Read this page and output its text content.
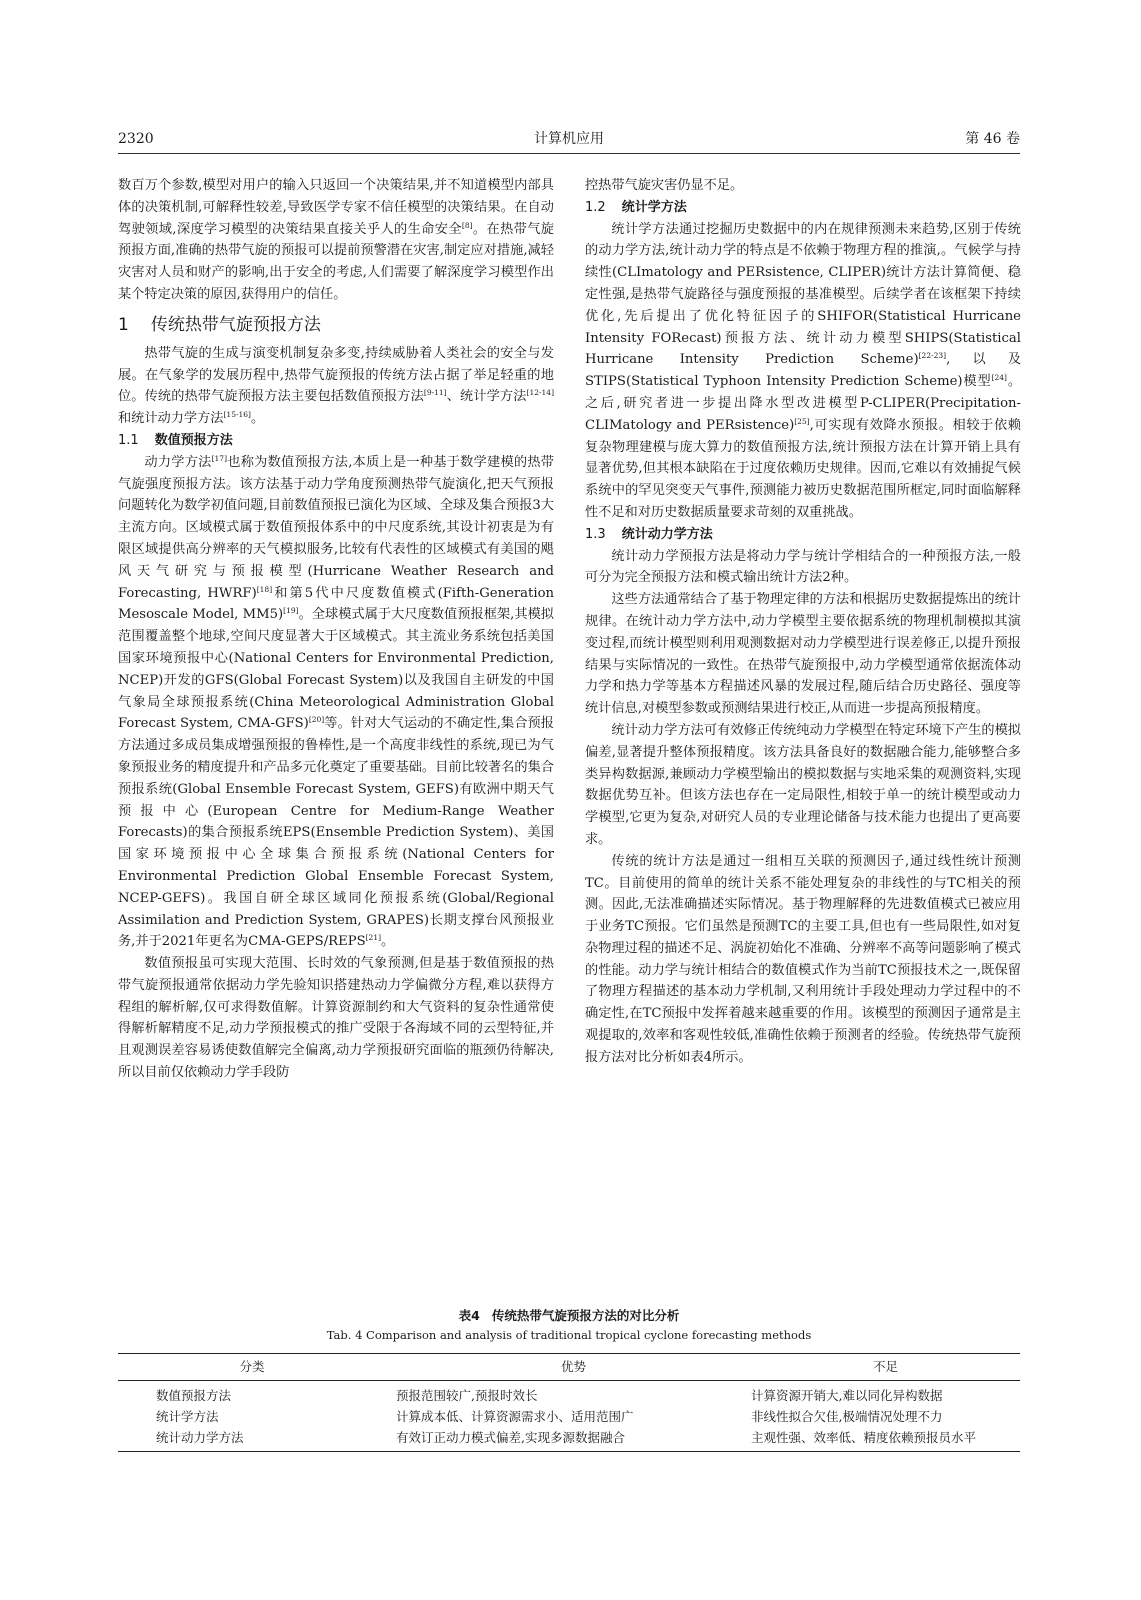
2320	计算机应用	第 46 卷

数百万个参数,模型对用户的输入只返回一个决策结果,并不知道模型内部具体的决策机制,可解释性较差,导致医学专家不信任模型的决策结果。在自动驾驶领域,深度学习模型的决策结果直接关乎人的生命安全[8]。在热带气旋预报方面,准确的热带气旋的预报可以提前预警潜在灾害,制定应对措施,减轻灾害对人员和财产的影响,出于安全的考虑,人们需要了解深度学习模型作出某个特定决策的原因,获得用户的信任。

1 传统热带气旋预报方法

热带气旋的生成与演变机制复杂多变,持续威胁着人类社会的安全与发展。在气象学的发展历程中,热带气旋预报的传统方法占据了举足轻重的地位。传统的热带气旋预报方法主要包括数值预报方法[9-11]、统计学方法[12-14]和统计动力学方法[15-16]。

1.1 数值预报方法

动力学方法[17]也称为数值预报方法,本质上是一种基于数学建模的热带气旋强度预报方法。该方法基于动力学角度预测热带气旋演化,把天气预报问题转化为数学初值问题,目前数值预报已演化为区域、全球及集合预报3大主流方向。区域模式属于数值预报体系中的中尺度系统,其设计初衷是为有限区域提供高分辨率的天气模拟服务,比较有代表性的区域模式有美国的飓风天气研究与预报模型(Hurricane Weather Research and Forecasting, HWRF)[18]和第5代中尺度数值模式(Fifth-Generation Mesoscale Model, MM5)[19]。全球模式属于大尺度数值预报框架,其模拟范围覆盖整个地球,空间尺度显著大于区域模式。其主流业务系统包括美国国家环境预报中心(National Centers for Environmental Prediction, NCEP)开发的GFS(Global Forecast System)以及我国自主研发的中国气象局全球预报系统(China Meteorological Administration Global Forecast System, CMA-GFS)[20]等。针对大气运动的不确定性,集合预报方法通过多成员集成增强预报的鲁棒性,是一个高度非线性的系统,现已为气象预报业务的精度提升和产品多元化奠定了重要基础。目前比较著名的集合预报系统(Global Ensemble Forecast System, GEFS)有欧洲中期天气预报中心(European Centre for Medium-Range Weather Forecasts)的集合预报系统EPS(Ensemble Prediction System)、美国国家环境预报中心全球集合预报系统(National Centers for Environmental Prediction Global Ensemble Forecast System, NCEP-GEFS)。我国自研全球区域同化预报系统(Global/Regional Assimilation and Prediction System, GRAPES)长期支撑台风预报业务,并于2021年更名为CMA-GEPS/REPS[21]。

数值预报虽可实现大范围、长时效的气象预测,但是基于数值预报的热带气旋预报通常依据动力学先验知识搭建热动力学偏微分方程,难以获得方程组的解析解,仅可求得数值解。计算资源制约和大气资料的复杂性通常使得解析解精度不足,动力学预报模式的推广受限于各海域不同的云型特征,并且观测误差容易诱使数值解完全偏离,动力学预报研究面临的瓶颈仍待解决,所以目前仅依赖动力学手段防

控热带气旋灾害仍显不足。

1.2 统计学方法

统计学方法通过挖掘历史数据中的内在规律预测未来趋势,区别于传统的动力学方法,统计动力学的特点是不依赖于物理方程的推演,。气候学与持续性(CLImatology and PERsistence, CLIPER)统计方法计算简便、稳定性强,是热带气旋路径与强度预报的基准模型。后续学者在该框架下持续优化,先后提出了优化特征因子的SHIFOR(Statistical Hurricane Intensity FORecast)预报方法、统计动力模型SHIPS(Statistical Hurricane Intensity Prediction Scheme)[22-23],以及STIPS(Statistical Typhoon Intensity Prediction Scheme)模型[24]。之后,研究者进一步提出降水型改进模型P-CLIPER(Precipitation-CLIMatology and PERsistence)[25],可实现有效降水预报。相较于依赖复杂物理建模与庞大算力的数值预报方法,统计预报方法在计算开销上具有显著优势,但其根本缺陷在于过度依赖历史规律。因而,它难以有效捕捉气候系统中的罕见突变天气事件,预测能力被历史数据范围所框定,同时面临解释性不足和对历史数据质量要求苛刻的双重挑战。

1.3 统计动力学方法

统计动力学预报方法是将动力学与统计学相结合的一种预报方法,一般可分为完全预报方法和模式输出统计方法2种。

这些方法通常结合了基于物理定律的方法和根据历史数据提炼出的统计规律。在统计动力学方法中,动力学模型主要依据系统的物理机制模拟其演变过程,而统计模型则利用观测数据对动力学模型进行误差修正,以提升预报结果与实际情况的一致性。在热带气旋预报中,动力学模型通常依据流体动力学和热力学等基本方程描述风暴的发展过程,随后结合历史路径、强度等统计信息,对模型参数或预测结果进行校正,从而进一步提高预报精度。

统计动力学方法可有效修正传统纯动力学模型在特定环境下产生的模拟偏差,显著提升整体预报精度。该方法具备良好的数据融合能力,能够整合多类异构数据源,兼顾动力学模型输出的模拟数据与实地采集的观测资料,实现数据优势互补。但该方法也存在一定局限性,相较于单一的统计模型或动力学模型,它更为复杂,对研究人员的专业理论储备与技术能力也提出了更高要求。

传统的统计方法是通过一组相互关联的预测因子,通过线性统计预测TC。目前使用的简单的统计关系不能处理复杂的非线性的与TC相关的预测。因此,无法准确描述实际情况。基于物理解释的先进数值模式已被应用于业务TC预报。它们虽然是预测TC的主要工具,但也有一些局限性,如对复杂物理过程的描述不足、涡旋初始化不准确、分辨率不高等问题影响了模式的性能。动力学与统计相结合的数值模式作为当前TC预报技术之一,既保留了物理方程描述的基本动力学机制,又利用统计手段处理动力学过程中的不确定性,在TC预报中发挥着越来越重要的作用。该模型的预测因子通常是主观提取的,效率和客观性较低,准确性依赖于预测者的经验。传统热带气旋预报方法对比分析如表4所示。

表4 传统热带气旋预报方法的对比分析
Tab. 4 Comparison and analysis of traditional tropical cyclone forecasting methods
分类	优势	不足
数值预报方法	预报范围较广,预报时效长	计算资源开销大,难以同化异构数据
统计学方法	计算成本低、计算资源需求小、适用范围广	非线性拟合欠佳,极端情况处理不力
统计动力学方法	有效订正动力模式偏差,实现多源数据融合	主观性强、效率低、精度依赖预报员水平
